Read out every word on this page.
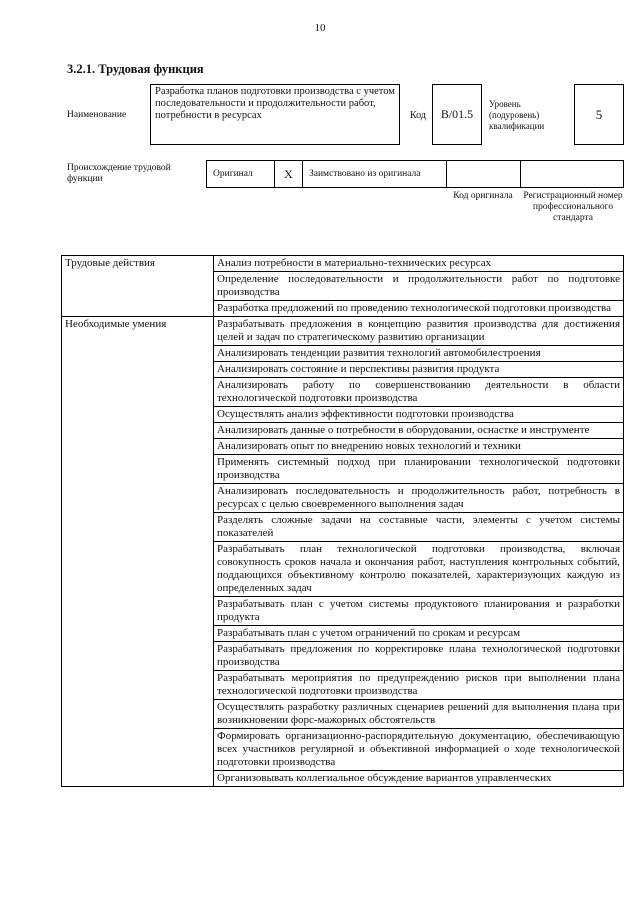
10
3.2.1. Трудовая функция
Наименование
Разработка планов подготовки производства с учетом последовательности и продолжительности работ, потребности в ресурсах	Код	В/01.5
Уровень (подуровень) квалификации
5
Происхождение трудовой функции	Оригинал	X	Заимствовано из оригинала
Код оригинала	Регистрационный номер профессионального стандарта
Трудовые действия	Анализ потребности в материально-технических ресурсах
	Определение последовательности и продолжительности работ по подготовке производства
	Разработка предложений по проведению технологической подготовки производства
Необходимые умения	Разрабатывать предложения в концепцию развития производства для достижения целей и задач по стратегическому развитию организации
	Анализировать тенденции развития технологий автомобилестроения
	Анализировать состояние и перспективы развития продукта
	Анализировать работу по совершенствованию деятельности в области технологической подготовки производства
	Осуществлять анализ эффективности подготовки производства
	Анализировать данные о потребности в оборудовании, оснастке и инструменте
	Анализировать опыт по внедрению новых технологий и техники
	Применять системный подход при планировании технологической подготовки производства
	Анализировать последовательность и продолжительность работ, потребность в ресурсах с целью своевременного выполнения задач
	Разделять сложные задачи на составные части, элементы с учетом системы показателей
	Разрабатывать план технологической подготовки производства, включая совокупность сроков начала и окончания работ, наступления контрольных событий, поддающихся объективному контролю показателей, характеризующих каждую из определенных задач
	Разрабатывать план с учетом системы продуктового планирования и разработки продукта
	Разрабатывать план с учетом ограничений по срокам и ресурсам
	Разрабатывать предложения по корректировке плана технологической подготовки производства
	Разрабатывать мероприятия по предупреждению рисков при выполнении плана технологической подготовки производства
	Осуществлять разработку различных сценариев решений для выполнения плана при возникновении форс-мажорных обстоятельств
	Формировать организационно-распорядительную документацию, обеспечивающую всех участников регулярной и объективной информацией о ходе технологической подготовки производства
	Организовывать коллегиальное обсуждение вариантов управленческих
